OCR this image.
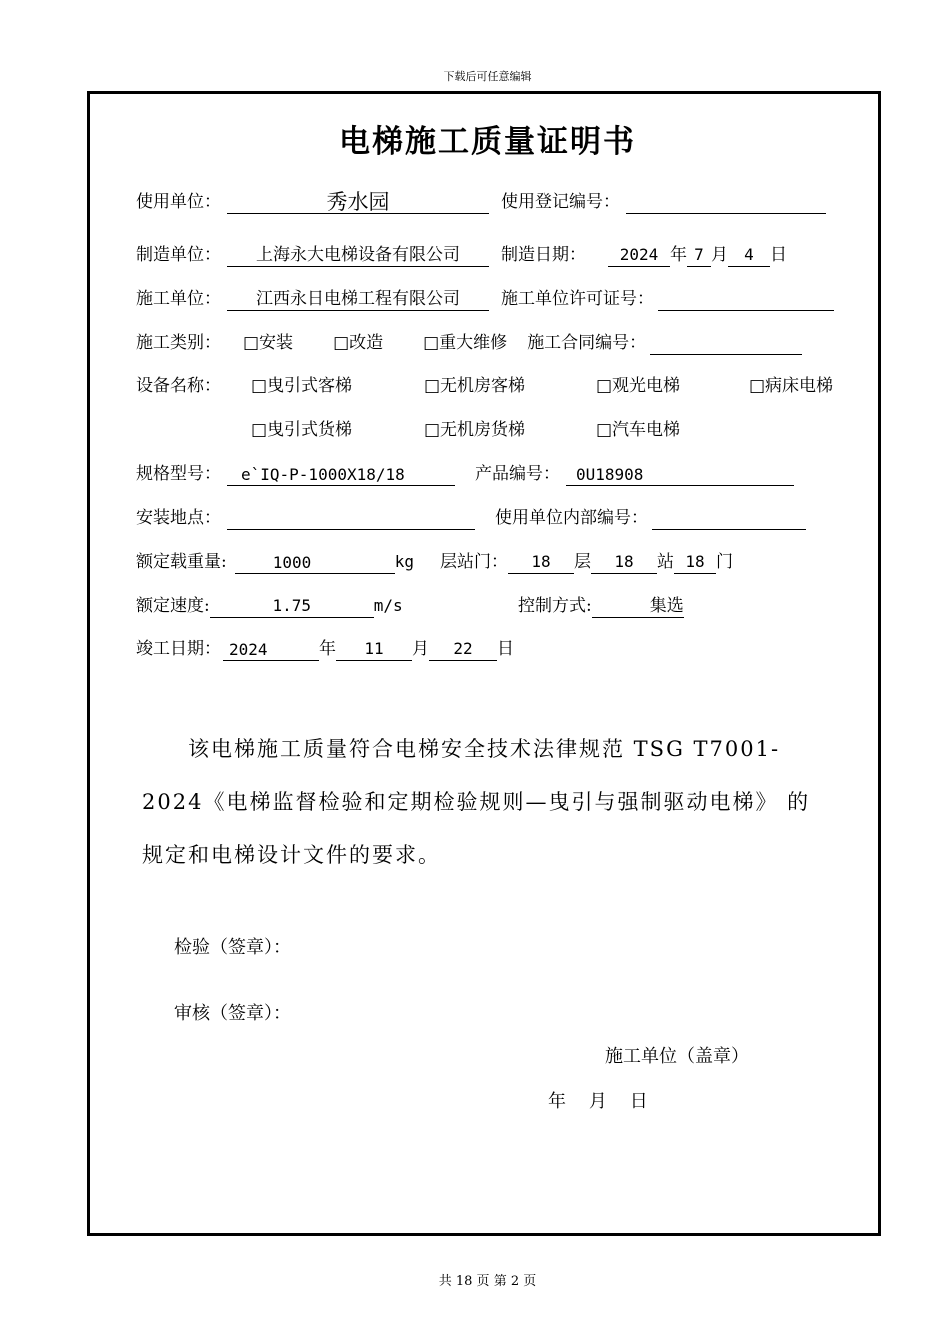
下载后可任意编辑
电梯施工质量证明书
使用单位：	秀水园	使用登记编号：
制造单位： 上海永大电梯设备有限公司 制造日期： 2024 年 7 月 4 日
施工单位： 江西永日电梯工程有限公司 施工单位许可证号：
施工类别： □安装 □改造 □重大维修 施工合同编号：
设备名称： □曳引式客梯	□无机房客梯	□观光电梯	□病床电梯
□曳引式货梯	□无机房货梯	□汽车电梯
规格型号： e`IQ-P-1000X18/18	产品编号： 0U18908
安装地点：	使用单位内部编号：
额定载重量:	1000	kg 层站门： 18 层 18 站 18 门
额定速度:	1.75	m/s	控制方式:	集选
竣工日期： 2024	年 11 月 22 日

该电梯施工质量符合电梯安全技术法律规范 TSG T7001-

2024《电梯监督检验和定期检验规则—曳引与强制驱动电梯》 的

规定和电梯设计文件的要求。

检验（签章）：
审核（签章）：
施工单位（盖章）
年    月    日
共 18 页 第 2 页
